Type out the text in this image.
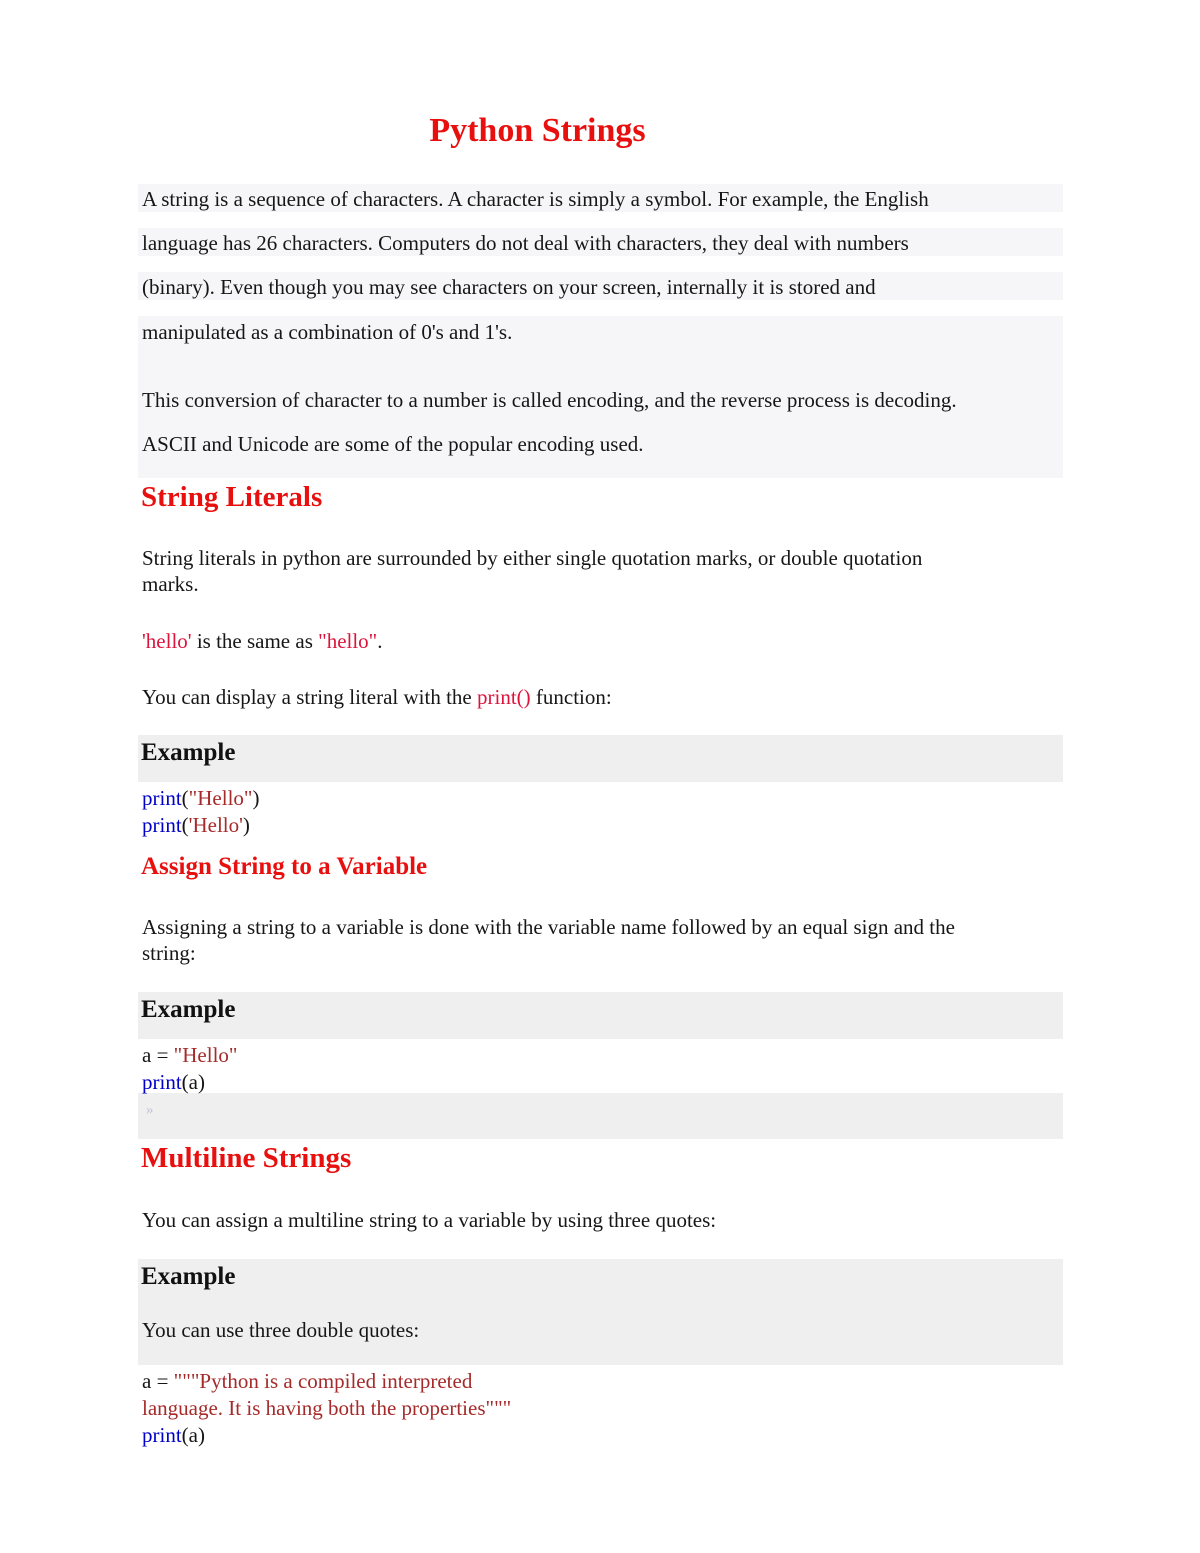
Python Strings
A string is a sequence of characters. A character is simply a symbol. For example, the English
language has 26 characters. Computers do not deal with characters, they deal with numbers
(binary). Even though you may see characters on your screen, internally it is stored and
manipulated as a combination of 0's and 1's.
This conversion of character to a number is called encoding, and the reverse process is decoding.
ASCII and Unicode are some of the popular encoding used.
String Literals
String literals in python are surrounded by either single quotation marks, or double quotation
marks.
'hello' is the same as "hello".
You can display a string literal with the print() function:
Example
print("Hello")
print('Hello')
Assign String to a Variable
Assigning a string to a variable is done with the variable name followed by an equal sign and the
string:
Example
a = "Hello"
print(a)
»
Multiline Strings
You can assign a multiline string to a variable by using three quotes:
Example
You can use three double quotes:
a = """Python is a compiled interpreted
language. It is having both the properties"""
print(a)
